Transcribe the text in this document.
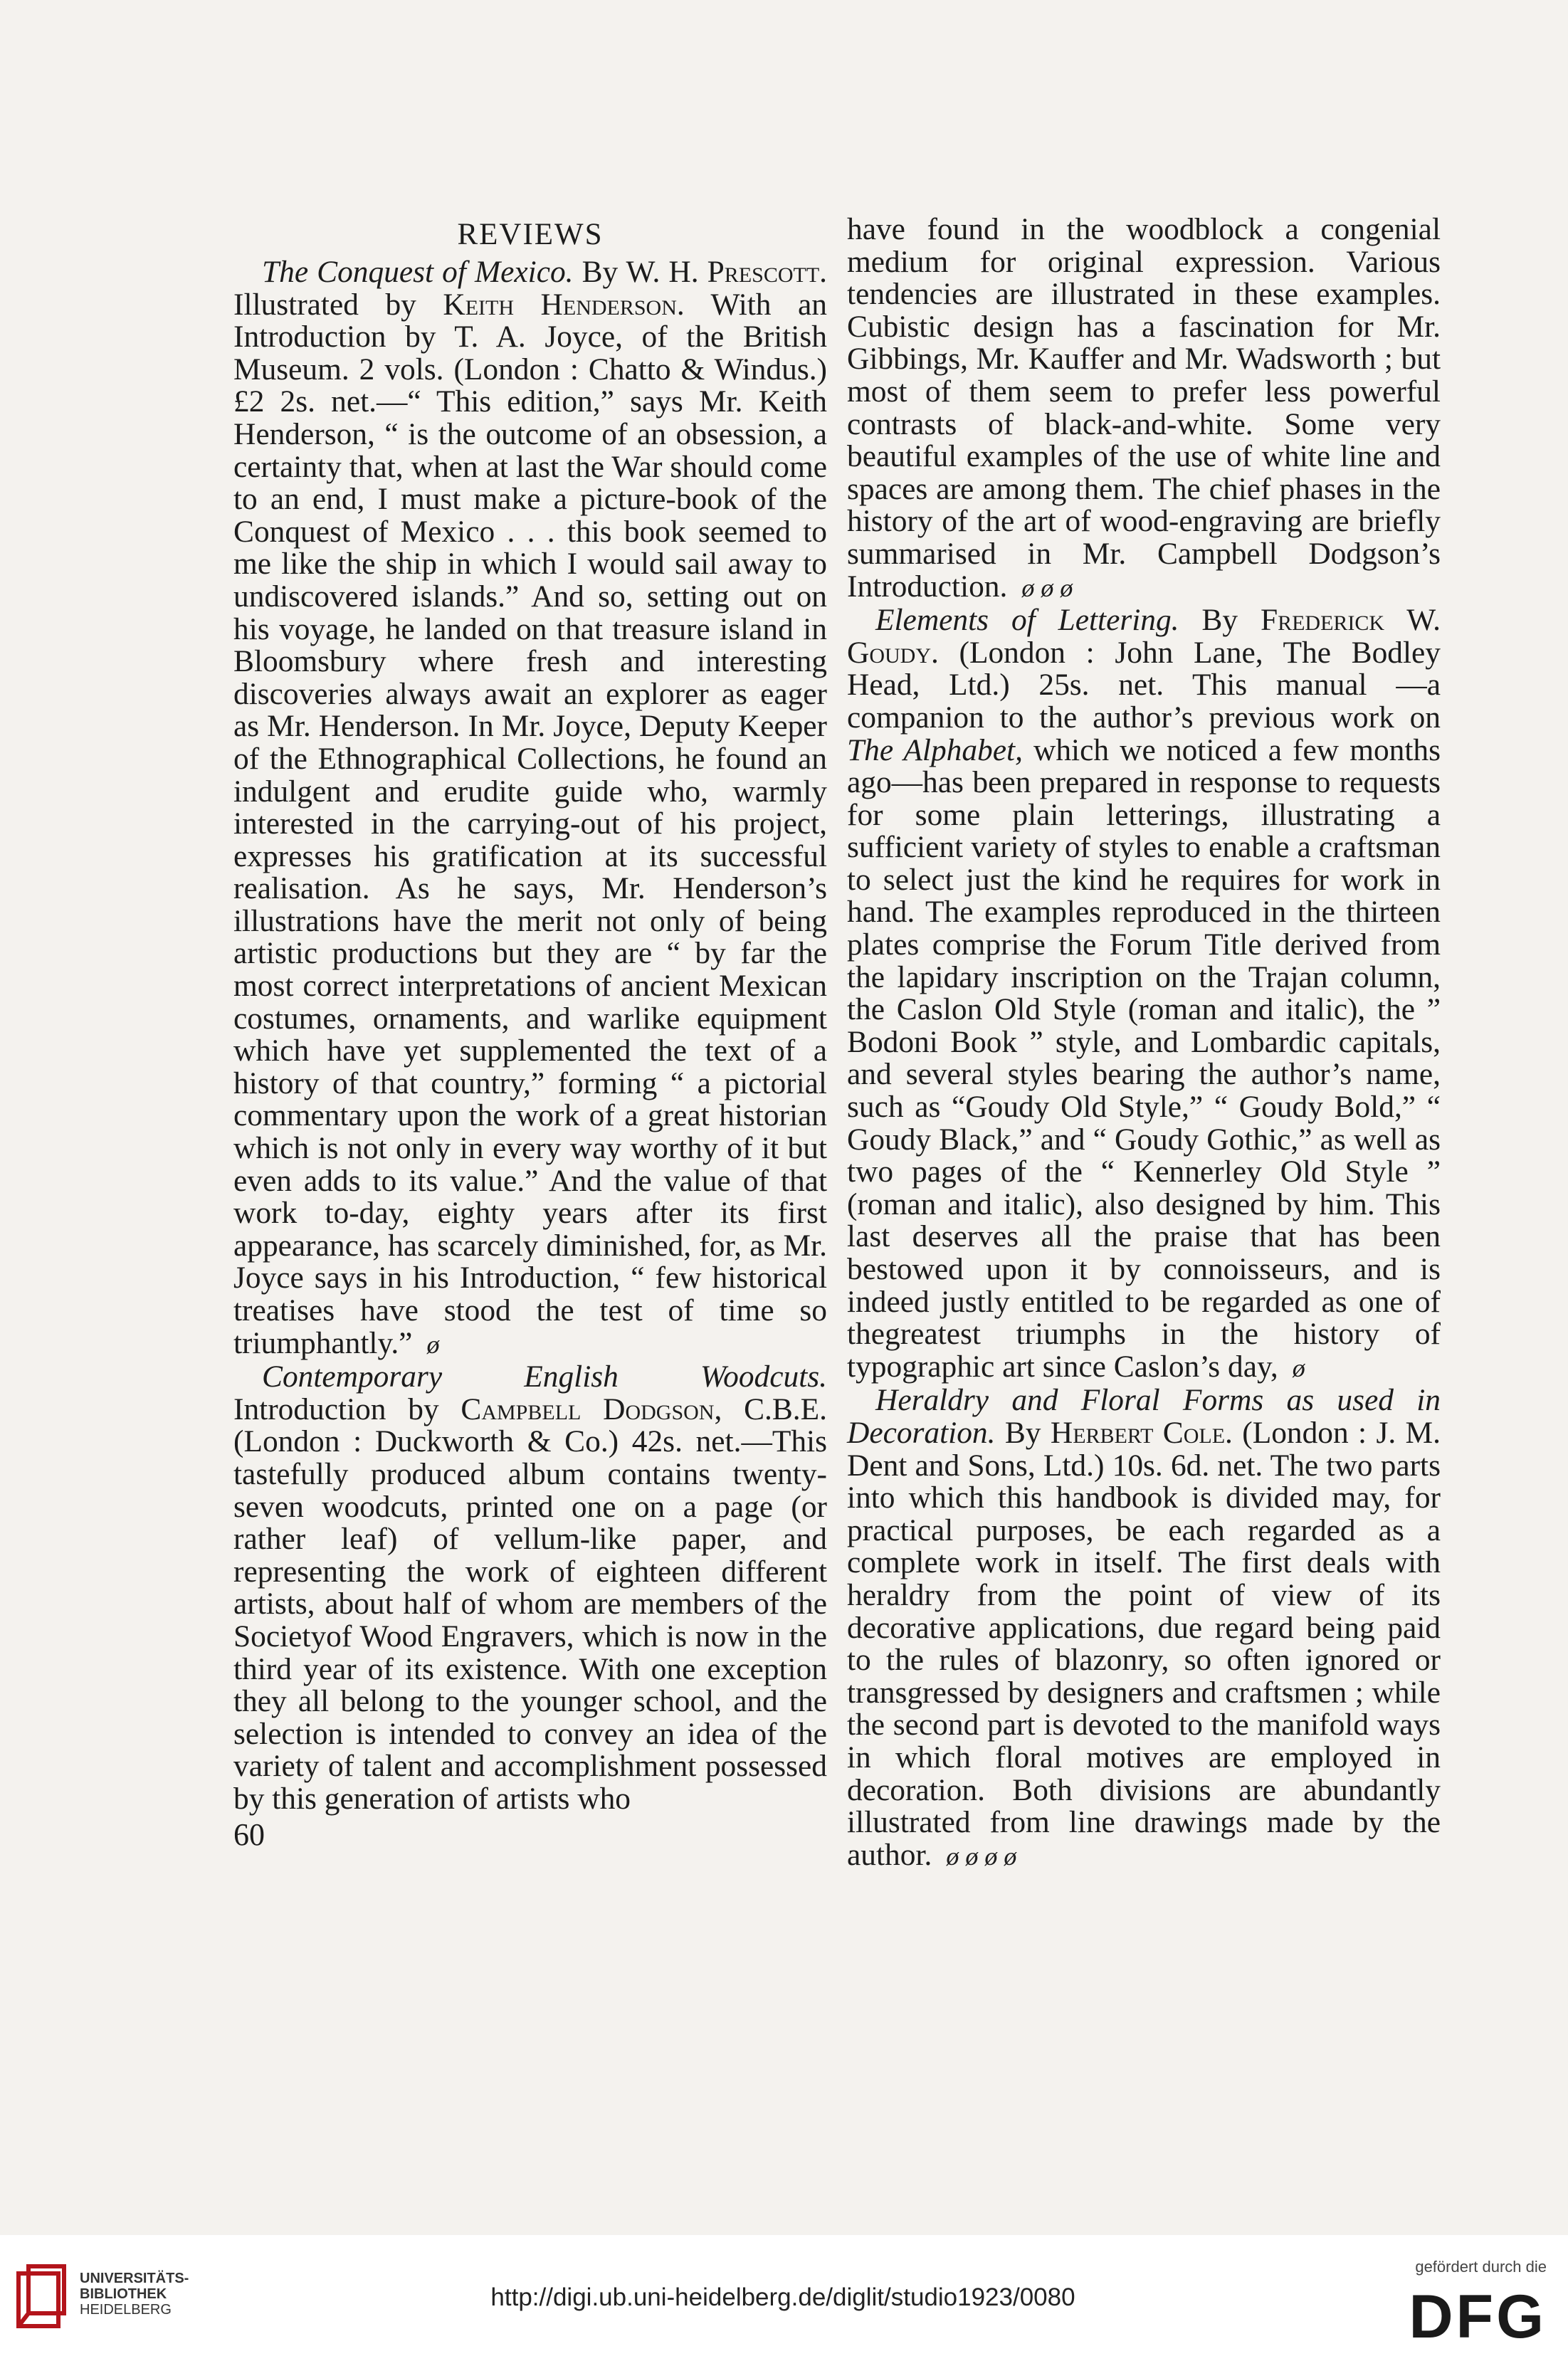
REVIEWS

The Conquest of Mexico. By W. H. Prescott. Illustrated by Keith Henderson. With an Introduction by T. A. Joyce, of the British Museum. 2 vols. (London : Chatto & Windus.) £2 2s. net.—“ This edition,” says Mr. Keith Henderson, “ is the outcome of an obsession, a certainty that, when at last the War should come to an end, I must make a picture-book of the Conquest of Mexico . . . this book seemed to me like the ship in which I would sail away to undiscovered islands.” And so, setting out on his voyage, he landed on that treasure island in Bloomsbury where fresh and interesting discoveries always await an explorer as eager as Mr. Henderson. In Mr. Joyce, Deputy Keeper of the Ethnographical Collections, he found an indulgent and erudite guide who, warmly interested in the carrying-out of his project, expresses his gratification at its successful realisation. As he says, Mr. Henderson’s illustrations have the merit not only of being artistic productions but they are “ by far the most correct interpretations of ancient Mexican costumes, ornaments, and warlike equipment which have yet supplemented the text of a history of that country,” forming “ a pictorial commentary upon the work of a great historian which is not only in every way worthy of it but even adds to its value.” And the value of that work to-day, eighty years after its first appearance, has scarcely diminished, for, as Mr. Joyce says in his Introduction, “ few historical treatises have stood the test of time so triumphantly.” ø

Contemporary English Woodcuts. Introduction by Campbell Dodgson, C.B.E. (London : Duckworth & Co.) 42s. net.—This tastefully produced album contains twenty-seven woodcuts, printed one on a page (or rather leaf) of vellum-like paper, and representing the work of eighteen different artists, about half of whom are members of the Societyof Wood Engravers, which is now in the third year of its existence. With one exception they all belong to the younger school, and the selection is intended to convey an idea of the variety of talent and accomplishment possessed by this generation of artists who

have found in the woodblock a congenial medium for original expression. Various tendencies are illustrated in these examples. Cubistic design has a fascination for Mr. Gibbings, Mr. Kauffer and Mr. Wadsworth ; but most of them seem to prefer less powerful contrasts of black-and-white. Some very beautiful examples of the use of white line and spaces are among them. The chief phases in the history of the art of wood-engraving are briefly summarised in Mr. Campbell Dodgson’s Introduction. ø ø ø

Elements of Lettering. By Frederick W. Goudy. (London : John Lane, The Bodley Head, Ltd.) 25s. net. This manual —a companion to the author’s previous work on The Alphabet, which we noticed a few months ago—has been prepared in response to requests for some plain letterings, illustrating a sufficient variety of styles to enable a craftsman to select just the kind he requires for work in hand. The examples reproduced in the thirteen plates comprise the Forum Title derived from the lapidary inscription on the Trajan column, the Caslon Old Style (roman and italic), the ” Bodoni Book ” style, and Lombardic capitals, and several styles bearing the author’s name, such as “Goudy Old Style,” “ Goudy Bold,” “ Goudy Black,” and “ Goudy Gothic,” as well as two pages of the “ Kennerley Old Style ” (roman and italic), also designed by him. This last deserves all the praise that has been bestowed upon it by connoisseurs, and is indeed justly entitled to be regarded as one of thegreatest triumphs in the history of typographic art since Caslon’s day, ø

Heraldry and Floral Forms as used in Decoration. By Herbert Cole. (London : J. M. Dent and Sons, Ltd.) 10s. 6d. net. The two parts into which this handbook is divided may, for practical purposes, be each regarded as a complete work in itself. The first deals with heraldry from the point of view of its decorative applications, due regard being paid to the rules of blazonry, so often ignored or transgressed by designers and craftsmen ; while the second part is devoted to the manifold ways in which floral motives are employed in decoration. Both divisions are abundantly illustrated from line drawings made by the author. ø ø ø ø

60
UNIVERSITÄTS-
BIBLIOTHEK
HEIDELBERG	http://digi.ub.uni-heidelberg.de/diglit/studio1923/0080
gefördert durch die
DFG
